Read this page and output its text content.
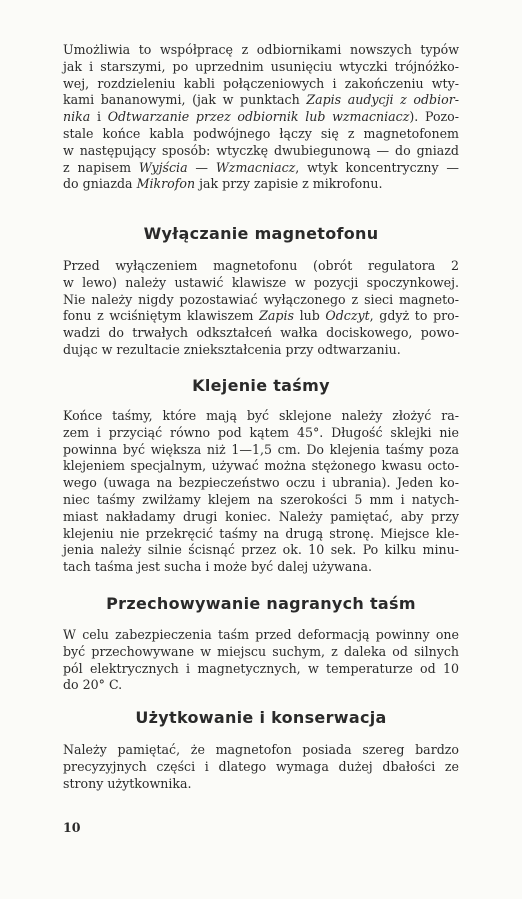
Umożliwia to współpracę z odbiornikami nowszych typów
jak i starszymi, po uprzednim usunięciu wtyczki trójnóżko-
wej, rozdzieleniu kabli połączeniowych i zakończeniu wty-
kami bananowymi, (jak w punktach Zapis audycji z odbior-
nika i Odtwarzanie przez odbiornik lub wzmacniacz). Pozo-
stale końce kabla podwójnego łączy się z magnetofonem
w następujący sposób: wtyczkę dwubiegunową — do gniazd
z napisem Wyjścia — Wzmacniacz, wtyk koncentryczny —
do gniazda Mikrofon jak przy zapisie z mikrofonu.
Wyłączanie magnetofonu
Przed wyłączeniem magnetofonu (obrót regulatora 2
w lewo) należy ustawić klawisze w pozycji spoczynkowej.
Nie należy nigdy pozostawiać wyłączonego z sieci magneto-
fonu z wciśniętym klawiszem Zapis lub Odczyt, gdyż to pro-
wadzi do trwałych odkształceń wałka dociskowego, powo-
dując w rezultacie zniekształcenia przy odtwarzaniu.
Klejenie taśmy
Końce taśmy, które mają być sklejone należy złożyć ra-
zem i przyciąć równo pod kątem 45°. Długość sklejki nie
powinna być większa niż 1—1,5 cm. Do klejenia taśmy poza
klejeniem specjalnym, używać można stężonego kwasu octo-
wego (uwaga na bezpieczeństwo oczu i ubrania). Jeden ko-
niec taśmy zwilżamy klejem na szerokości 5 mm i natych-
miast nakładamy drugi koniec. Należy pamiętać, aby przy
klejeniu nie przekręcić taśmy na drugą stronę. Miejsce kle-
jenia należy silnie ścisnąć przez ok. 10 sek. Po kilku minu-
tach taśma jest sucha i może być dalej używana.
Przechowywanie nagranych taśm
W celu zabezpieczenia taśm przed deformacją powinny one
być przechowywane w miejscu suchym, z daleka od silnych
pól elektrycznych i magnetycznych, w temperaturze od 10
do 20° C.
Użytkowanie i konserwacja
Należy pamiętać, że magnetofon posiada szereg bardzo
precyzyjnych części i dlatego wymaga dużej dbałości ze
strony użytkownika.
10
